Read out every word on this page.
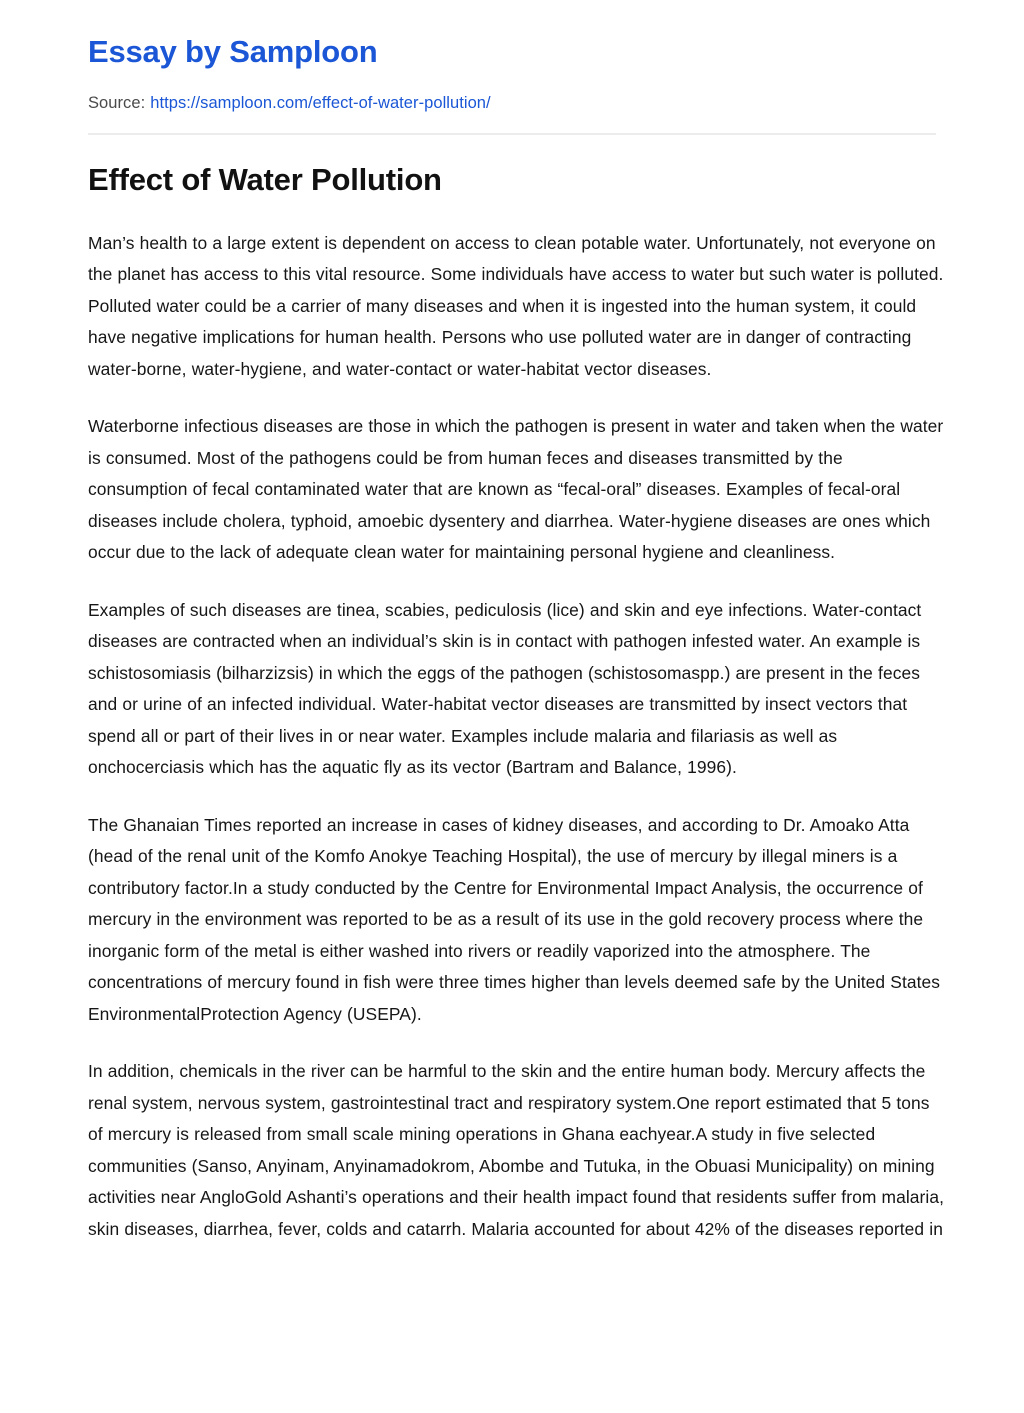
Essay by Samploon
Source: https://samploon.com/effect-of-water-pollution/
Effect of Water Pollution

Man’s health to a large extent is dependent on access to clean potable water. Unfortunately, not everyone on the planet has access to this vital resource. Some individuals have access to water but such water is polluted. Polluted water could be a carrier of many diseases and when it is ingested into the human system, it could have negative implications for human health. Persons who use polluted water are in danger of contracting water-borne, water-hygiene, and water-contact or water-habitat vector diseases.

Waterborne infectious diseases are those in which the pathogen is present in water and taken when the water is consumed. Most of the pathogens could be from human feces and diseases transmitted by the consumption of fecal contaminated water that are known as “fecal-oral” diseases. Examples of fecal-oral diseases include cholera, typhoid, amoebic dysentery and diarrhea. Water-hygiene diseases are ones which occur due to the lack of adequate clean water for maintaining personal hygiene and cleanliness.

Examples of such diseases are tinea, scabies, pediculosis (lice) and skin and eye infections. Water-contact diseases are contracted when an individual’s skin is in contact with pathogen infested water. An example is schistosomiasis (bilharzizsis) in which the eggs of the pathogen (schistosomaspp.) are present in the feces and or urine of an infected individual. Water-habitat vector diseases are transmitted by insect vectors that spend all or part of their lives in or near water. Examples include malaria and filariasis as well as onchocerciasis which has the aquatic fly as its vector (Bartram and Balance, 1996).

The Ghanaian Times reported an increase in cases of kidney diseases, and according to Dr. Amoako Atta (head of the renal unit of the Komfo Anokye Teaching Hospital), the use of mercury by illegal miners is a contributory factor.In a study conducted by the Centre for Environmental Impact Analysis, the occurrence of mercury in the environment was reported to be as a result of its use in the gold recovery process where the inorganic form of the metal is either washed into rivers or readily vaporized into the atmosphere. The concentrations of mercury found in fish were three times higher than levels deemed safe by the United States EnvironmentalProtection Agency (USEPA).

In addition, chemicals in the river can be harmful to the skin and the entire human body. Mercury affects the renal system, nervous system, gastrointestinal tract and respiratory system.One report estimated that 5 tons of mercury is released from small scale mining operations in Ghana eachyear.A study in five selected communities (Sanso, Anyinam, Anyinamadokrom, Abombe and Tutuka, in the Obuasi Municipality) on mining activities near AngloGold Ashanti’s operations and their health impact found that residents suffer from malaria, skin diseases, diarrhea, fever, colds and catarrh. Malaria accounted for about 42% of the diseases reported in
